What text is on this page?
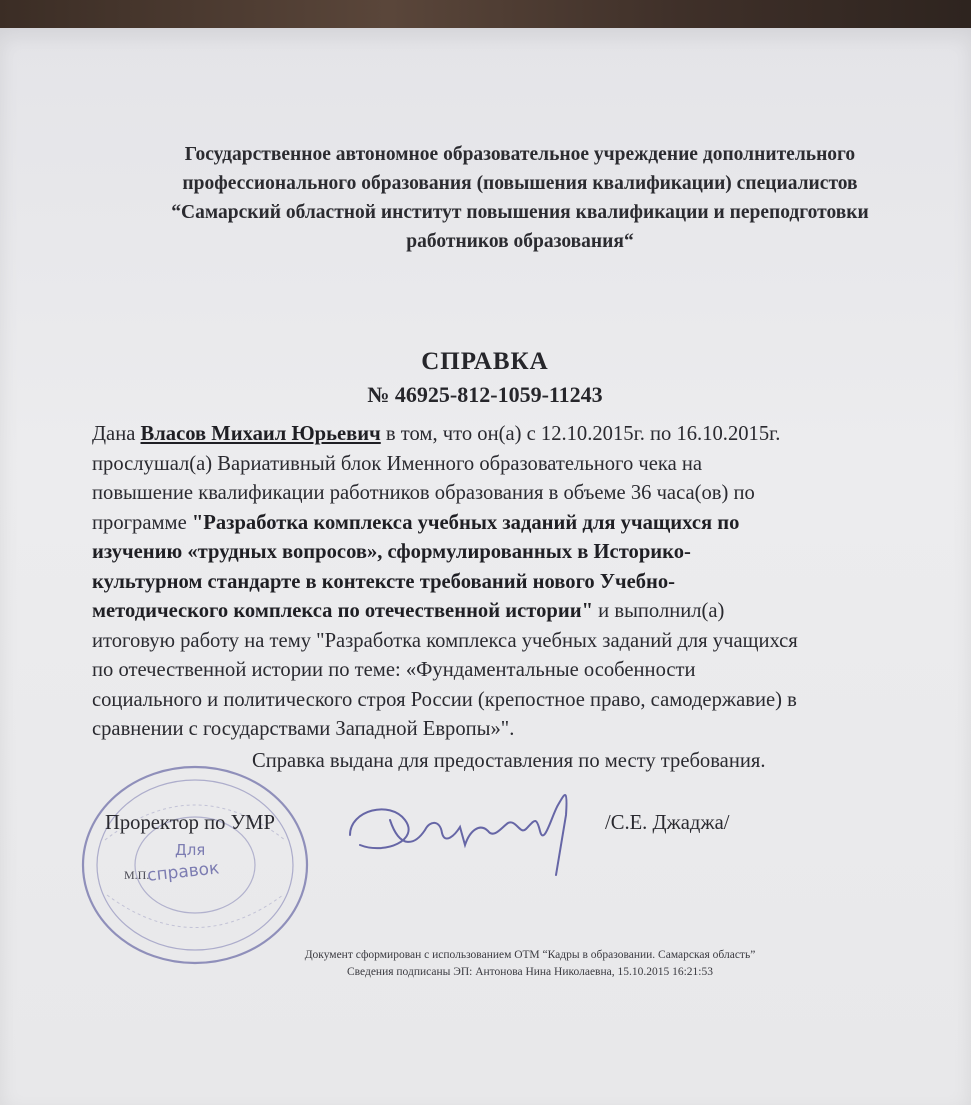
Государственное автономное образовательное учреждение дополнительного
профессионального образования (повышения квалификации) специалистов
“Самарский областной институт повышения квалификации и переподготовки
работников образования“
СПРАВКА
№ 46925-812-1059-11243
Дана Власов Михаил Юрьевич в том, что он(а) с 12.10.2015г. по 16.10.2015г.
прослушал(а) Вариативный блок Именного образовательного чека на
повышение квалификации работников образования в объеме 36 часа(ов) по
программе "Разработка комплекса учебных заданий для учащихся по
изучению «трудных вопросов», сформулированных в Историко-
культурном стандарте в контексте требований нового Учебно-
методического комплекса по отечественной истории" и выполнил(а)
итоговую работу на тему "Разработка комплекса учебных заданий для учащихся
по отечественной истории по теме: «Фундаментальные особенности
социального и политического строя России (крепостное право, самодержавие) в
сравнении с государствами Западной Европы»".
Справка выдана для предоставления по месту требования.
Для
справок
М.П.
Проректор по УМР	/С.Е. Джаджа/
Документ сформирован с использованием ОТМ “Кадры в образовании. Самарская область”
Сведения подписаны ЭП: Антонова Нина Николаевна, 15.10.2015 16:21:53
